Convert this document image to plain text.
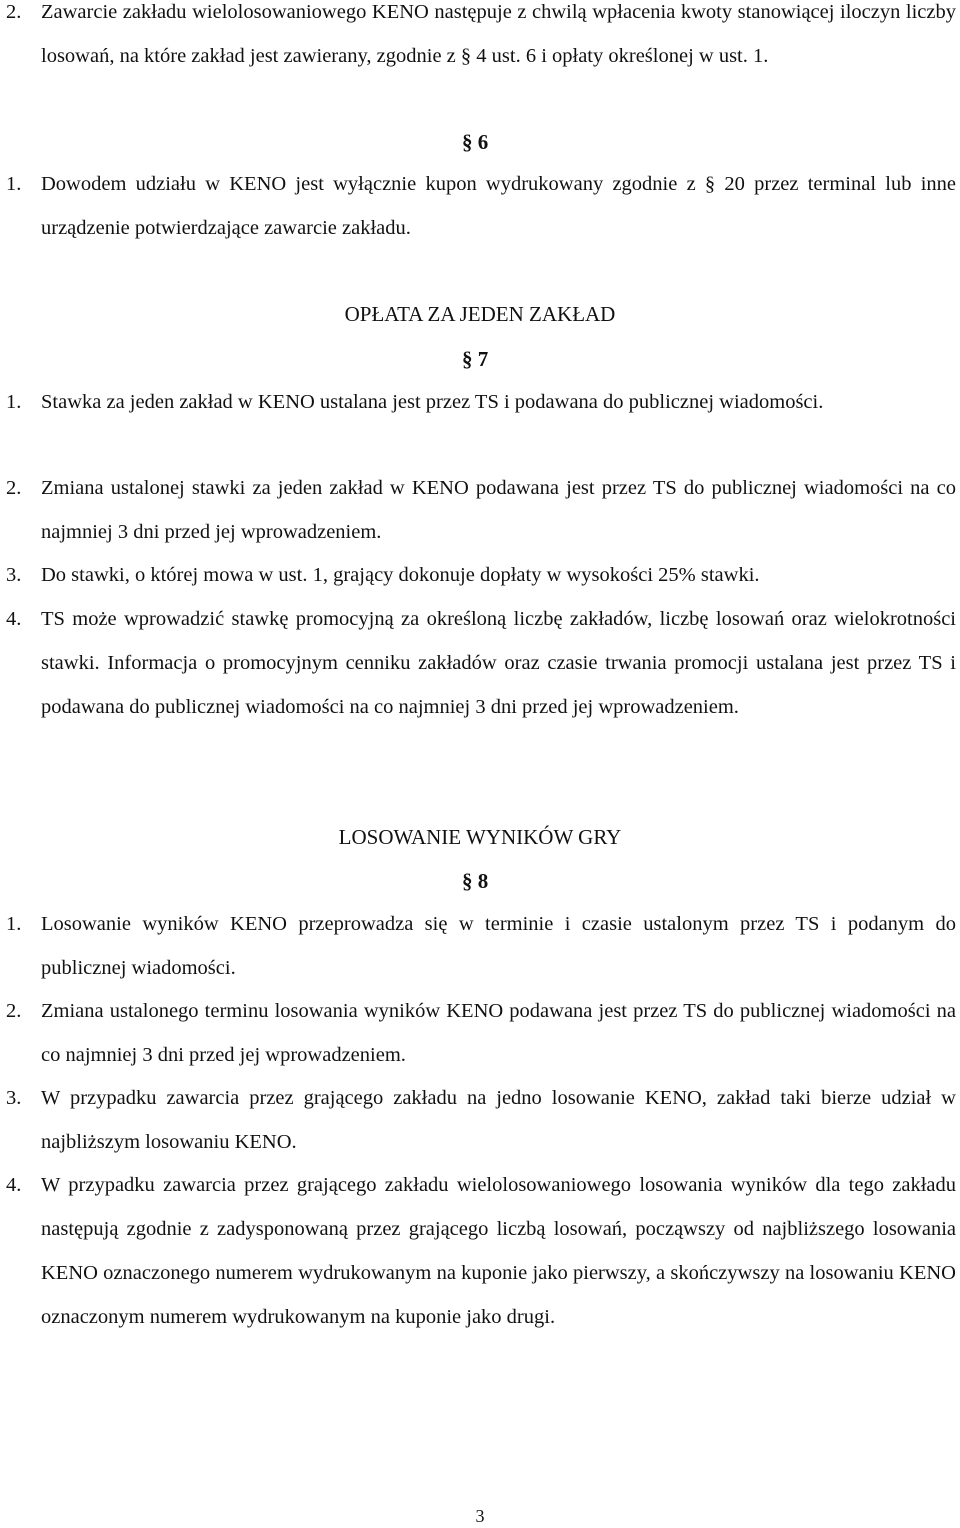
2. Zawarcie zakładu wielolosowaniowego KENO następuje z chwilą wpłacenia kwoty stanowiącej iloczyn liczby losowań, na które zakład jest zawierany, zgodnie z § 4 ust. 6 i opłaty określonej w ust. 1.
§ 6
1. Dowodem udziału w KENO jest wyłącznie kupon wydrukowany zgodnie z § 20 przez terminal lub inne urządzenie potwierdzające zawarcie zakładu.
OPŁATA ZA JEDEN ZAKŁAD
§ 7
1. Stawka za jeden zakład w KENO ustalana jest przez TS i podawana do publicznej wiadomości.
2. Zmiana ustalonej stawki za jeden zakład w KENO podawana jest przez TS do publicznej wiadomości na co najmniej 3 dni przed jej wprowadzeniem.
3. Do stawki, o której mowa w ust. 1, grający dokonuje dopłaty w wysokości 25% stawki.
4. TS może wprowadzić stawkę promocyjną za określoną liczbę zakładów, liczbę losowań oraz wielokrotności stawki. Informacja o promocyjnym cenniku zakładów oraz czasie trwania promocji ustalana jest przez TS i podawana do publicznej wiadomości na co najmniej 3 dni przed jej wprowadzeniem.
LOSOWANIE WYNIKÓW GRY
§ 8
1. Losowanie wyników KENO przeprowadza się w terminie i czasie ustalonym przez TS i podanym do publicznej wiadomości.
2. Zmiana ustalonego terminu losowania wyników KENO podawana jest przez TS do publicznej wiadomości na co najmniej 3 dni przed jej wprowadzeniem.
3. W przypadku zawarcia przez grającego zakładu na jedno losowanie KENO, zakład taki bierze udział w najbliższym losowaniu KENO.
4. W przypadku zawarcia przez grającego zakładu wielolosowaniowego losowania wyników dla tego zakładu następują zgodnie z zadysponowaną przez grającego liczbą losowań, począwszy od najbliższego losowania KENO oznaczonego numerem wydrukowanym na kuponie jako pierwszy, a skończywszy na losowaniu KENO oznaczonym numerem wydrukowanym na kuponie jako drugi.
3
